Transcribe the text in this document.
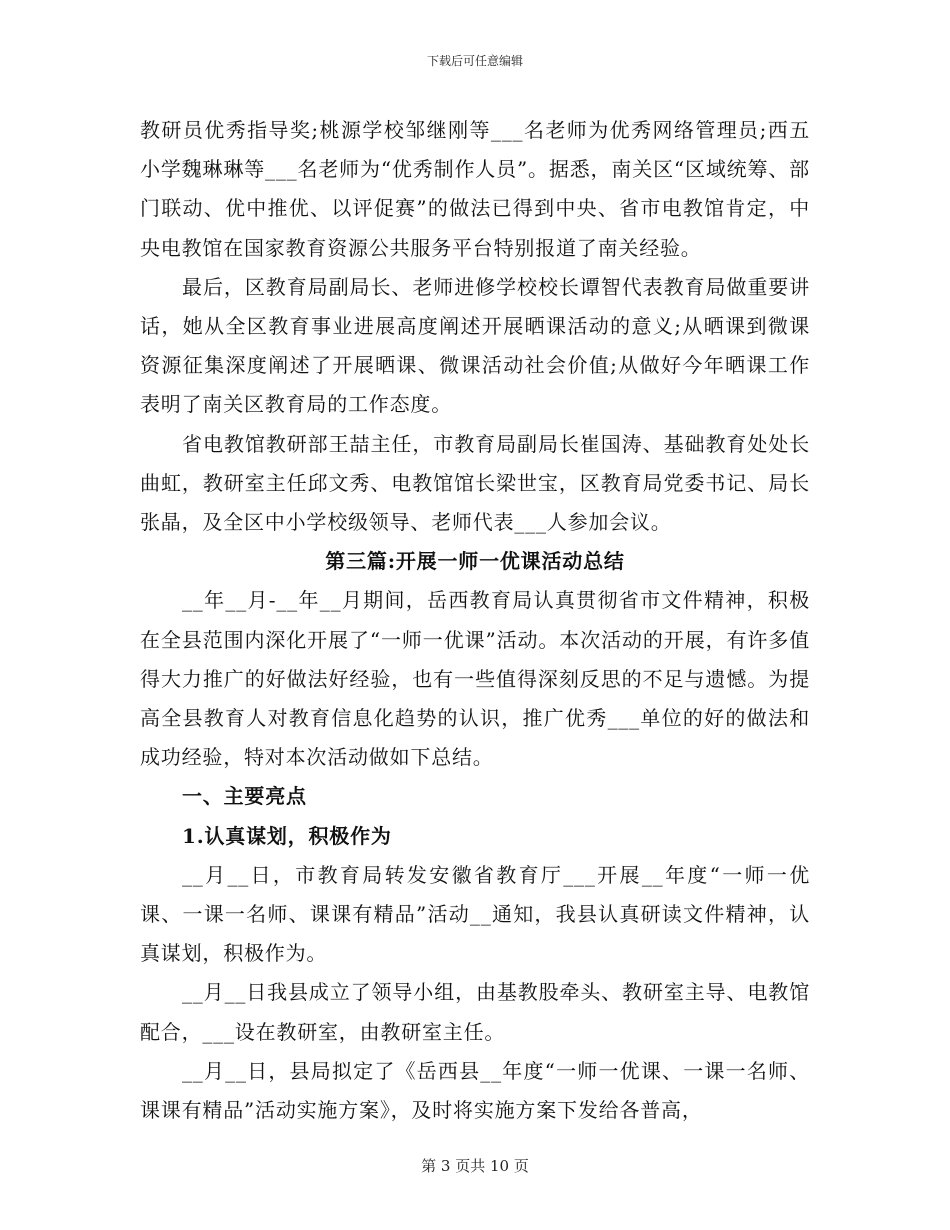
下载后可任意编辑

教研员优秀指导奖;桃源学校邹继刚等___名老师为优秀网络管理员;西五小学魏琳琳等___名老师为“优秀制作人员”。据悉，南关区“区域统筹、部门联动、优中推优、以评促赛”的做法已得到中央、省市电教馆肯定，中央电教馆在国家教育资源公共服务平台特别报道了南关经验。

最后，区教育局副局长、老师进修学校校长谭智代表教育局做重要讲话，她从全区教育事业进展高度阐述开展晒课活动的意义;从晒课到微课资源征集深度阐述了开展晒课、微课活动社会价值;从做好今年晒课工作表明了南关区教育局的工作态度。

省电教馆教研部王喆主任，市教育局副局长崔国涛、基础教育处处长曲虹，教研室主任邱文秀、电教馆馆长梁世宝，区教育局党委书记、局长张晶，及全区中小学校级领导、老师代表___人参加会议。

第三篇:开展一师一优课活动总结

__年__月-__年__月期间，岳西教育局认真贯彻省市文件精神，积极在全县范围内深化开展了“一师一优课”活动。本次活动的开展，有许多值得大力推广的好做法好经验，也有一些值得深刻反思的不足与遗憾。为提高全县教育人对教育信息化趋势的认识，推广优秀___单位的好的做法和成功经验，特对本次活动做如下总结。

一、主要亮点

1.认真谋划，积极作为

__月__日，市教育局转发安徽省教育厅___开展__年度“一师一优课、一课一名师、课课有精品”活动__通知，我县认真研读文件精神，认真谋划，积极作为。

__月__日我县成立了领导小组，由基教股牵头、教研室主导、电教馆配合，___设在教研室，由教研室主任。

__月__日，县局拟定了《岳西县__年度“一师一优课、一课一名师、课课有精品”活动实施方案》，及时将实施方案下发给各普高，

第 3 页共 10 页
